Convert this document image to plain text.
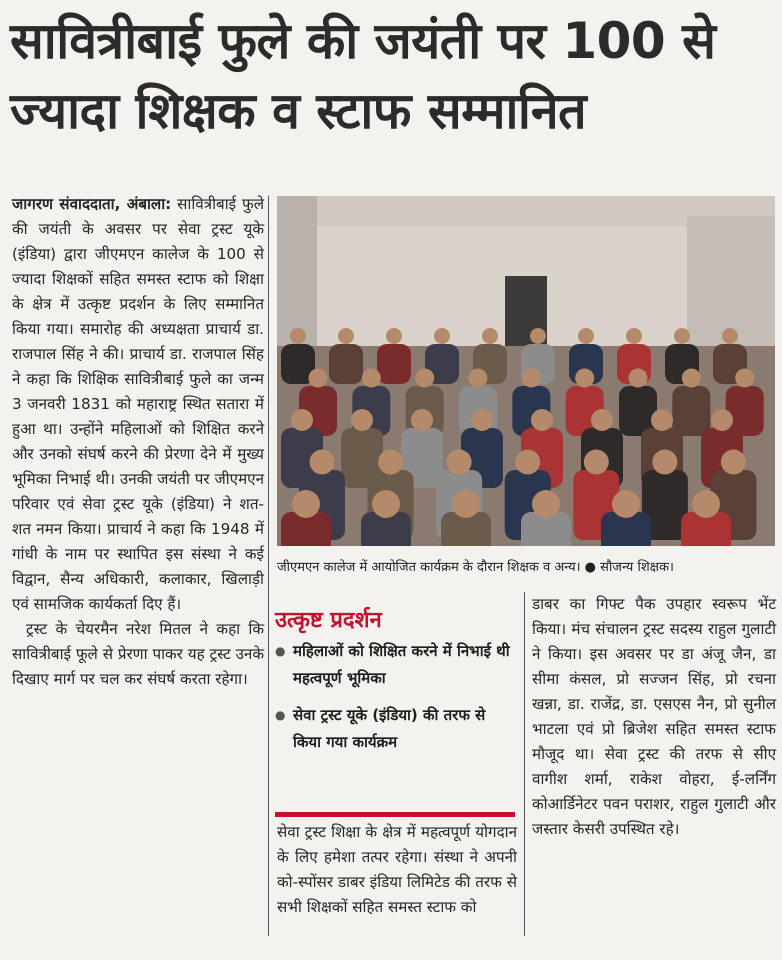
सावित्रीबाई फुले की जयंती पर 100 से
ज्यादा शिक्षक व स्टाफ सम्मानित

जागरण संवाददाता, अंबाला: सावित्रीबाई फुले की जयंती के अवसर पर सेवा ट्रस्ट यूके (इंडिया) द्वारा जीएमएन कालेज के 100 से ज्यादा शिक्षकों सहित समस्त स्टाफ को शिक्षा के क्षेत्र में उत्कृष्ट प्रदर्शन के लिए सम्मानित किया गया। समारोह की अध्यक्षता प्राचार्य डा. राजपाल सिंह ने की। प्राचार्य डा. राजपाल सिंह ने कहा कि शिक्षिक सावित्रीबाई फुले का जन्म 3 जनवरी 1831 को महाराष्ट्र स्थित सतारा में हुआ था। उन्होंने महिलाओं को शिक्षित करने और उनको संघर्ष करने की प्रेरणा देने में मुख्य भूमिका निभाई थी। उनकी जयंती पर जीएमएन परिवार एवं सेवा ट्रस्ट यूके (इंडिया) ने शत- शत नमन किया। प्राचार्य ने कहा कि 1948 में गांधी के नाम पर स्थापित इस संस्था ने कई विद्वान, सैन्य अधिकारी, कलाकार, खिलाड़ी एवं सामजिक कार्यकर्ता दिए हैं।

ट्रस्ट के चेयरमैन नरेश मितल ने कहा कि सावित्रीबाई फूले से प्रेरणा पाकर यह ट्रस्ट उनके दिखाए मार्ग पर चल कर संघर्ष करता रहेगा।

जीएमएन कालेज में आयोजित कार्यक्रम के दौरान शिक्षक व अन्य। ● सौजन्य शिक्षक।
उत्कृष्ट प्रदर्शन
● महिलाओं को शिक्षित करने में निभाई थी महत्वपूर्ण भूमिका
● सेवा ट्रस्ट यूके (इंडिया) की तरफ से किया गया कार्यक्रम

सेवा ट्रस्ट शिक्षा के क्षेत्र में महत्वपूर्ण योगदान के लिए हमेशा तत्पर रहेगा। संस्था ने अपनी को-स्पोंसर डाबर इंडिया लिमिटेड की तरफ से सभी शिक्षकों सहित समस्त स्टाफ को

डाबर का गिफ्ट पैक उपहार स्वरूप भेंट किया। मंच संचालन ट्रस्ट सदस्य राहुल गुलाटी ने किया। इस अवसर पर डा अंजू जैन, डा सीमा कंसल, प्रो सज्जन सिंह, प्रो रचना खन्ना, डा. राजेंद्र, डा. एसएस नैन, प्रो सुनील भाटला एवं प्रो ब्रिजेश सहित समस्त स्टाफ मौजूद था। सेवा ट्रस्ट की तरफ से सीए वागीश शर्मा, राकेश वोहरा, ई-लर्निंग कोआर्डिनेटर पवन पराशर, राहुल गुलाटी और जस्तार केसरी उपस्थित रहे।
